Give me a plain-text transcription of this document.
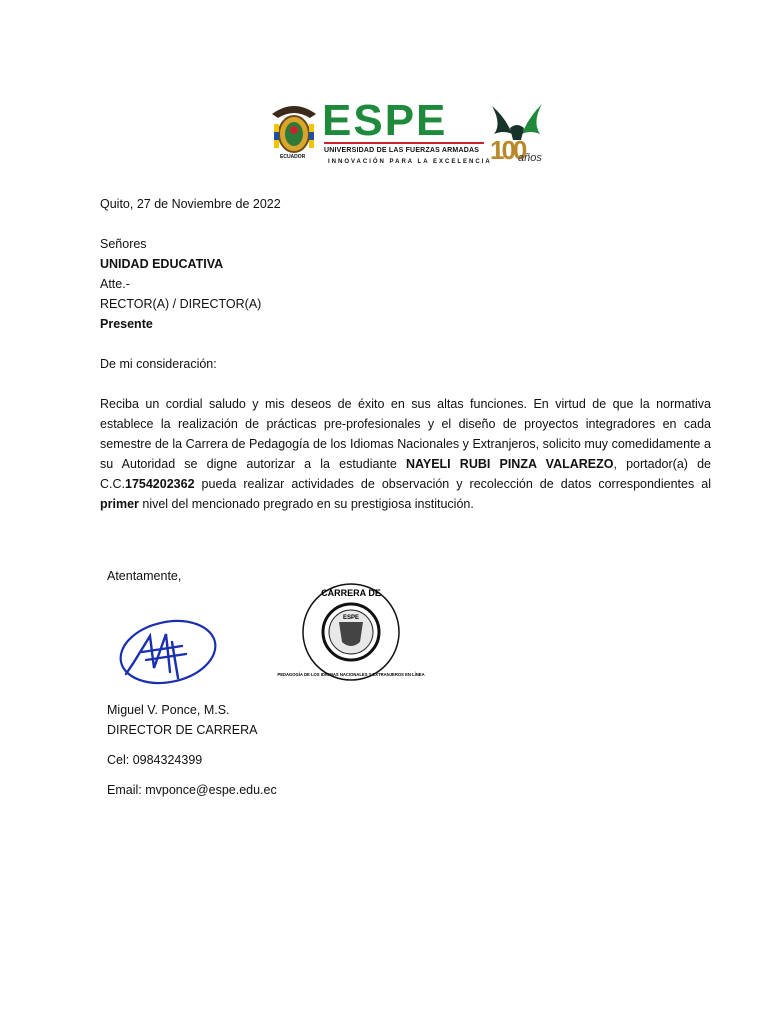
ECUADOR
ESPE
UNIVERSIDAD DE LAS FUERZAS ARMADAS
INNOVACIÓN PARA LA EXCELENCIA
100
años
Quito, 27 de Noviembre de 2022
Señores
UNIDAD EDUCATIVA
Atte.-
RECTOR(A) / DIRECTOR(A)
Presente
De mi consideración:
Reciba un cordial saludo y mis deseos de éxito en sus altas funciones. En virtud de que la normativa establece la realización de prácticas pre-profesionales y el diseño de proyectos integradores en cada semestre de la Carrera de Pedagogía de los Idiomas Nacionales y Extranjeros, solicito muy comedidamente a su Autoridad se digne autorizar a la estudiante NAYELI RUBI PINZA VALAREZO, portador(a) de C.C.1754202362 pueda realizar actividades de observación y recolección de datos correspondientes al primer nivel del mencionado pregrado en su prestigiosa institución.
Atentamente,
ESPE
CARRERA DE
PEDAGOGÍA DE LOS IDIOMAS NACIONALES Y EXTRANJEROS EN LÍNEA
Miguel V. Ponce, M.S.
DIRECTOR DE CARRERA
Cel: 0984324399
Email: mvponce@espe.edu.ec
